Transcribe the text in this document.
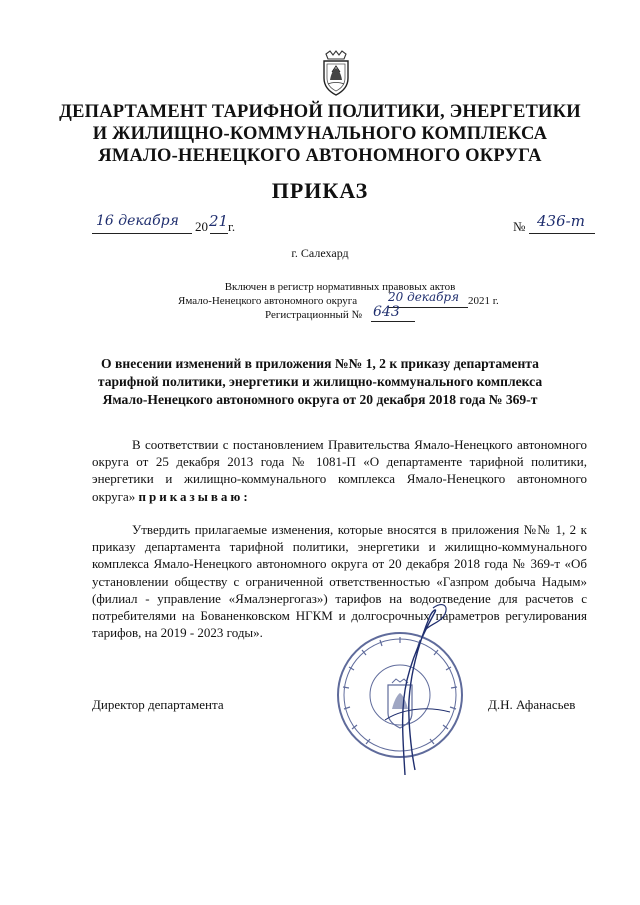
ДЕПАРТАМЕНТ ТАРИФНОЙ ПОЛИТИКИ, ЭНЕРГЕТИКИ
И ЖИЛИЩНО-КОММУНАЛЬНОГО КОМПЛЕКСА
ЯМАЛО-НЕНЕЦКОГО АВТОНОМНОГО ОКРУГА
ПРИКАЗ
16 декабря 20 21 г.	№ 436-т
г. Салехард
Включен в регистр нормативных правовых актов
Ямало-Ненецкого автономного округа	20 декабря 2021 г.
Регистрационный № 643
О внесении изменений в приложения №№ 1, 2 к приказу департамента
тарифной политики, энергетики и жилищно-коммунального комплекса
Ямало-Ненецкого автономного округа от 20 декабря 2018 года № 369-т
В соответствии с постановлением Правительства Ямало-Ненецкого автономного округа от 25 декабря 2013 года № 1081-П «О департаменте тарифной политики, энергетики и жилищно-коммунального комплекса Ямало-Ненецкого автономного округа» приказываю:
Утвердить прилагаемые изменения, которые вносятся в приложения №№ 1, 2 к приказу департамента тарифной политики, энергетики и жилищно-коммунального комплекса Ямало-Ненецкого автономного округа от 20 декабря 2018 года № 369-т «Об установлении обществу с ограниченной ответственностью «Газпром добыча Надым» (филиал - управление «Ямалэнергогаз») тарифов на водоотведение для расчетов с потребителями на Бованенковском НГКМ и долгосрочных параметров регулирования тарифов, на 2019 - 2023 годы».
Директор департамента	Д.Н. Афанасьев
